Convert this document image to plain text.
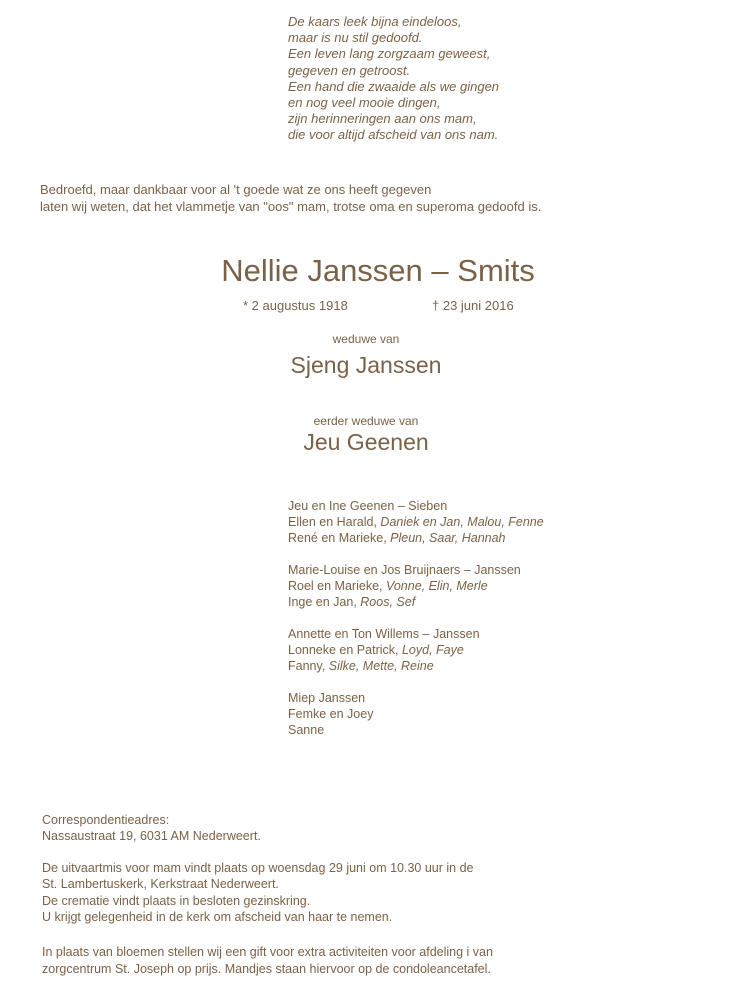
De kaars leek bijna eindeloos,
maar is nu stil gedoofd.
Een leven lang zorgzaam geweest,
gegeven en getroost.
Een hand die zwaaide als we gingen
en nog veel mooie dingen,
zijn herinneringen aan ons mam,
die voor altijd afscheid van ons nam.
Bedroefd, maar dankbaar voor al 't goede wat ze ons heeft gegeven
laten wij weten, dat het vlammetje van "oos" mam, trotse oma en superoma gedoofd is.
Nellie Janssen – Smits
* 2 augustus 1918	† 23 juni 2016
weduwe van
Sjeng Janssen
eerder weduwe van
Jeu Geenen
Jeu en Ine Geenen – Sieben
Ellen en Harald, Daniek en Jan, Malou, Fenne
René en Marieke, Pleun, Saar, Hannah
Marie-Louise en Jos Bruijnaers – Janssen
Roel en Marieke, Vonne, Elin, Merle
Inge en Jan, Roos, Sef
Annette en Ton Willems – Janssen
Lonneke en Patrick, Loyd, Faye
Fanny, Silke, Mette, Reine
Miep Janssen
Femke en Joey
Sanne
Correspondentieadres:
Nassaustraat 19, 6031 AM Nederweert.
De uitvaartmis voor mam vindt plaats op woensdag 29 juni om 10.30 uur in de
St. Lambertuskerk, Kerkstraat Nederweert.
De crematie vindt plaats in besloten gezinskring.
U krijgt gelegenheid in de kerk om afscheid van haar te nemen.
In plaats van bloemen stellen wij een gift voor extra activiteiten voor afdeling i van
zorgcentrum St. Joseph op prijs. Mandjes staan hiervoor op de condoleancetafel.
